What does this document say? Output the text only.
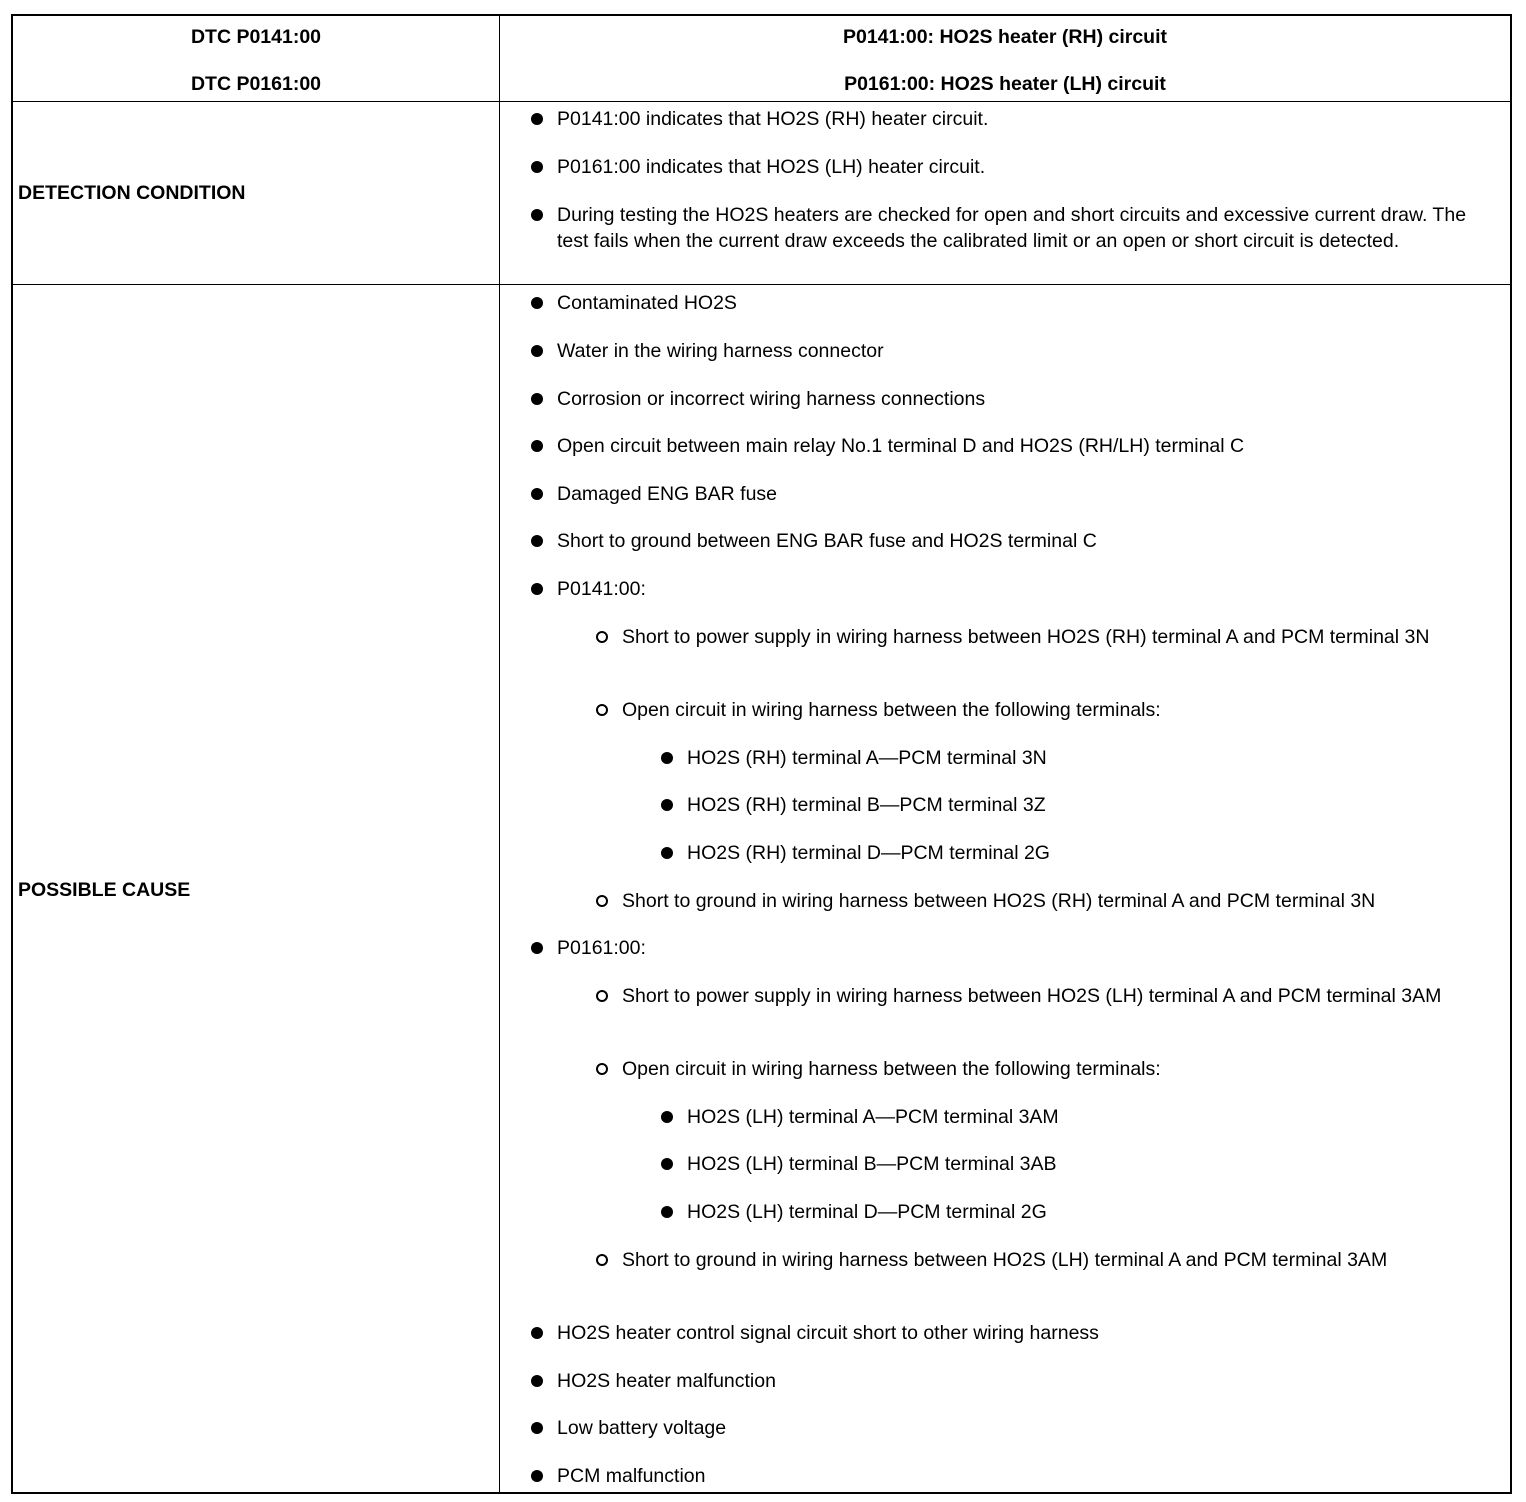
DTC P0141:00
DTC P0161:00
P0141:00: HO2S heater (RH) circuit
P0161:00: HO2S heater (LH) circuit
DETECTION CONDITION
POSSIBLE CAUSE
P0141:00 indicates that HO2S (RH) heater circuit.
P0161:00 indicates that HO2S (LH) heater circuit.
During testing the HO2S heaters are checked for open and short circuits and excessive current draw. The test fails when the current draw exceeds the calibrated limit or an open or short circuit is detected.
Contaminated HO2S
Water in the wiring harness connector
Corrosion or incorrect wiring harness connections
Open circuit between main relay No.1 terminal D and HO2S (RH/LH) terminal C
Damaged ENG BAR fuse
Short to ground between ENG BAR fuse and HO2S terminal C
P0141:00:
Short to power supply in wiring harness between HO2S (RH) terminal A and PCM terminal 3N
Open circuit in wiring harness between the following terminals:
HO2S (RH) terminal A—PCM terminal 3N
HO2S (RH) terminal B—PCM terminal 3Z
HO2S (RH) terminal D—PCM terminal 2G
Short to ground in wiring harness between HO2S (RH) terminal A and PCM terminal 3N
P0161:00:
Short to power supply in wiring harness between HO2S (LH) terminal A and PCM terminal 3AM
Open circuit in wiring harness between the following terminals:
HO2S (LH) terminal A—PCM terminal 3AM
HO2S (LH) terminal B—PCM terminal 3AB
HO2S (LH) terminal D—PCM terminal 2G
Short to ground in wiring harness between HO2S (LH) terminal A and PCM terminal 3AM
HO2S heater control signal circuit short to other wiring harness
HO2S heater malfunction
Low battery voltage
PCM malfunction
